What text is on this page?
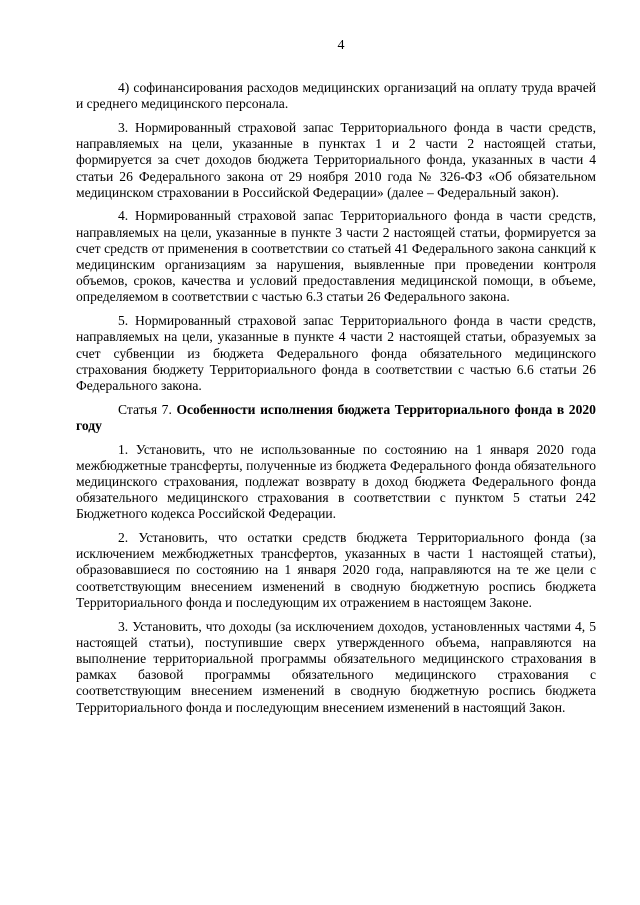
4

4) софинансирования расходов медицинских организаций на оплату труда врачей и среднего медицинского персонала.

3. Нормированный страховой запас Территориального фонда в части средств, направляемых на цели, указанные в пунктах 1 и 2 части 2 настоящей статьи, формируется за счет доходов бюджета Территориального фонда, указанных в части 4 статьи 26 Федерального закона от 29 ноября 2010 года № 326-ФЗ «Об обязательном медицинском страховании в Российской Федерации» (далее – Федеральный закон).

4. Нормированный страховой запас Территориального фонда в части средств, направляемых на цели, указанные в пункте 3 части 2 настоящей статьи, формируется за счет средств от применения в соответствии со статьей 41 Федерального закона санкций к медицинским организациям за нарушения, выявленные при проведении контроля объемов, сроков, качества и условий предоставления медицинской помощи, в объеме, определяемом в соответствии с частью 6.3 статьи 26 Федерального закона.

5. Нормированный страховой запас Территориального фонда в части средств, направляемых на цели, указанные в пункте 4 части 2 настоящей статьи, образуемых за счет субвенции из бюджета Федерального фонда обязательного медицинского страхования бюджету Территориального фонда в соответствии с частью 6.6 статьи 26 Федерального закона.

Статья 7. Особенности исполнения бюджета Территориального фонда в 2020 году

1. Установить, что не использованные по состоянию на 1 января 2020 года межбюджетные трансферты, полученные из бюджета Федерального фонда обязательного медицинского страхования, подлежат возврату в доход бюджета Федерального фонда обязательного медицинского страхования в соответствии с пунктом 5 статьи 242 Бюджетного кодекса Российской Федерации.

2. Установить, что остатки средств бюджета Территориального фонда (за исключением межбюджетных трансфертов, указанных в части 1 настоящей статьи), образовавшиеся по состоянию на 1 января 2020 года, направляются на те же цели с соответствующим внесением изменений в сводную бюджетную роспись бюджета Территориального фонда и последующим их отражением в настоящем Законе.

3. Установить, что доходы (за исключением доходов, установленных частями 4, 5 настоящей статьи), поступившие сверх утвержденного объема, направляются на выполнение территориальной программы обязательного медицинского страхования в рамках базовой программы обязательного медицинского страхования с соответствующим внесением изменений в сводную бюджетную роспись бюджета Территориального фонда и последующим внесением изменений в настоящий Закон.
